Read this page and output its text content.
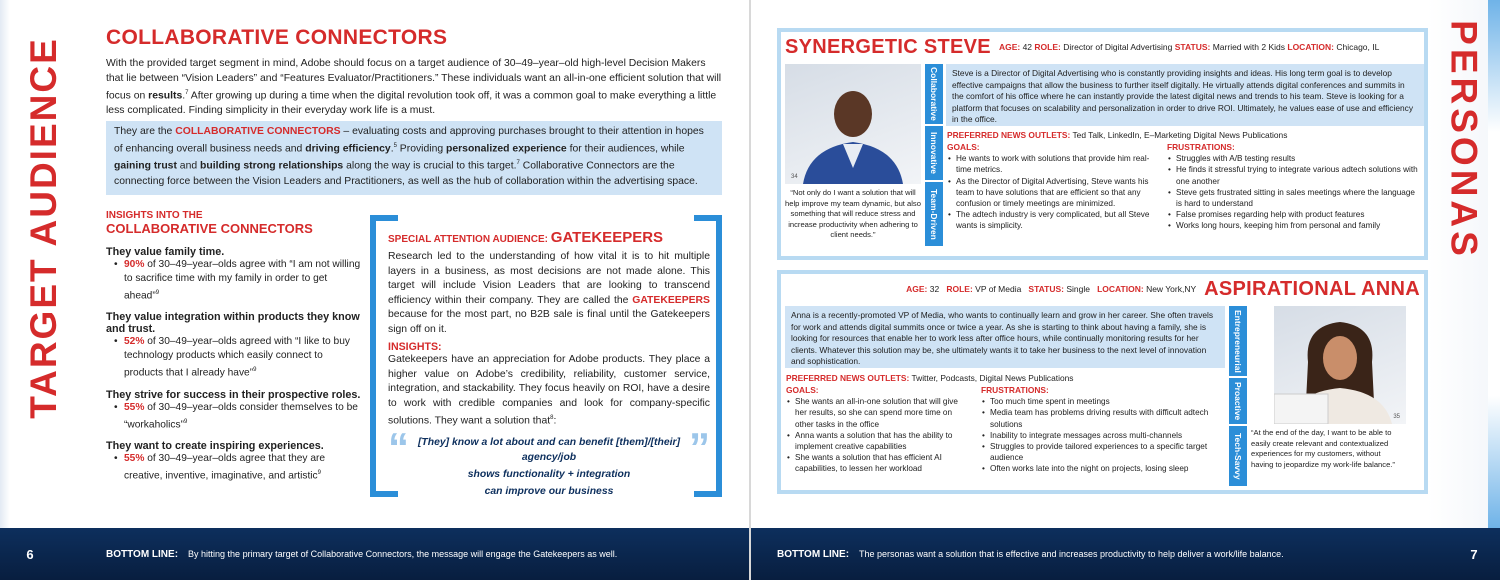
TARGET AUDIENCE COLLABORATIVE CONNECTORS

With the provided target segment in mind, Adobe should focus on a target audience of 30–49–year–old high-level Decision Makers that lie between “Vision Leaders” and “Features Evaluator/Practitioners.” These individuals want an all-in-one efficient solution that will focus on results.$^7$ After growing up during a time when the digital revolution took off, it was a common goal to make everything a little less complicated. Finding simplicity in their everyday work life is a must.

They are the COLLABORATIVE CONNECTORS – evaluating costs and approving purchases brought to their attention in hopes of enhancing overall business needs and driving efficiency.$^5$ Providing personalized experience for their audiences, while gaining trust and building strong relationships along the way is crucial to this target.$^7$ Collaborative Connectors are the connecting force between the Vision Leaders and Practitioners, as well as the hub of collaboration within the advertising space.
INSIGHTS INTO THE
COLLABORATIVE CONNECTORS
They value family time.

• 90% of 30–49–year–olds agree with “I am not willing to sacrifice time with my family in order to get ahead”$^9$

They value integration within products they know and trust.

• 52% of 30–49–year–olds agreed with “I like to buy technology products which easily connect to products that I already have”$^9$

They strive for success in their prospective roles.

• 55% of 30–49–year–olds consider themselves to be “workaholics”$^9$

They want to create inspiring experiences.

• 55% of 30–49–year–olds agree that they are creative, inventive, imaginative, and artistic$^9$

SPECIAL ATTENTION AUDIENCE: GATEKEEPERS

Research led to the understanding of how vital it is to hit multiple layers in a business, as most decisions are not made alone. This target will include Vision Leaders that are looking to transcend efficiency within their company. They are called the GATEKEEPERS because for the most part, no B2B sale is final until the Gatekeepers sign off on it.

INSIGHTS:

Gatekeepers have an appreciation for Adobe products. They place a higher value on Adobe’s credibility, reliability, customer service, integration, and stackability. They focus heavily on ROI, have a desire to work with credible companies and look for company-specific solutions. They want a solution that$^8$:

“	”
[They] know a lot about and can benefit [them]/[their] agency/job
shows functionality + integration
can improve our business
6	BOTTOM LINE: By hitting the primary target of Collaborative Connectors, the message will engage the Gatekeepers as well.
PERSONAS
SYNERGETIC STEVE AGE: 42 ROLE: Director of Digital Advertising STATUS: Married with 2 Kids LOCATION: Chicago, IL
34
“Not only do I want a solution that will help improve my team dynamic, but also something that will reduce stress and increase productivity when adhering to client needs.”
Collaborative
Innovative
Team-Driven
Steve is a Director of Digital Advertising who is constantly providing insights and ideas. His long term goal is to develop effective campaigns that allow the business to further itself digitally. He virtually attends digital conferences and summits in the comfort of his office where he can instantly provide the latest digital news and trends to his team. Steve is looking for a platform that focuses on scalability and personalization in order to drive ROI. Ultimately, he values ease of use and efficiency in the office.
PREFERRED NEWS OUTLETS: Ted Talk, LinkedIn, E–Marketing Digital News Publications
GOALS:
• He wants to work with solutions that provide him real-time metrics.
• As the Director of Digital Advertising, Steve wants his team to have solutions that are efficient so that any confusion or timely meetings are minimized.
• The adtech industry is very complicated, but all Steve wants is simplicity.
FRUSTRATIONS:
• Struggles with A/B testing results
• He finds it stressful trying to integrate various adtech solutions with one another
• Steve gets frustrated sitting in sales meetings where the language is hard to understand
• False promises regarding help with product features
• Works long hours, keeping him from personal and family
AGE: 32 ROLE: VP of Media STATUS: Single LOCATION: New York,NY ASPIRATIONAL ANNA
Anna is a recently-promoted VP of Media, who wants to continually learn and grow in her career. She often travels for work and attends digital summits once or twice a year. As she is starting to think about having a family, she is looking for resources that enable her to work less after office hours, while continually monitoring results for her clients. Whatever this solution may be, she ultimately wants it to take her business to the next level of innovation and sophistication.
PREFERRED NEWS OUTLETS: Twitter, Podcasts, Digital News Publications
GOALS:
• She wants an all-in-one solution that will give her results, so she can spend more time on other tasks in the office
• Anna wants a solution that has the ability to implement creative capabilities
• She wants a solution that has efficient AI capabilities, to lessen her workload
FRUSTRATIONS:
• Too much time spent in meetings
• Media team has problems driving results with difficult adtech solutions
• Inability to integrate messages across multi-channels
• Struggles to provide tailored experiences to a specific target audience
• Often works late into the night on projects, losing sleep
Entrepreneurial
Proactive
Tech-Savvy
35
“At the end of the day, I want to be able to easily create relevant and contextualized experiences for my customers, without having to jeopardize my work-life balance.”
BOTTOM LINE: The personas want a solution that is effective and increases productivity to help deliver a work/life balance.	7
